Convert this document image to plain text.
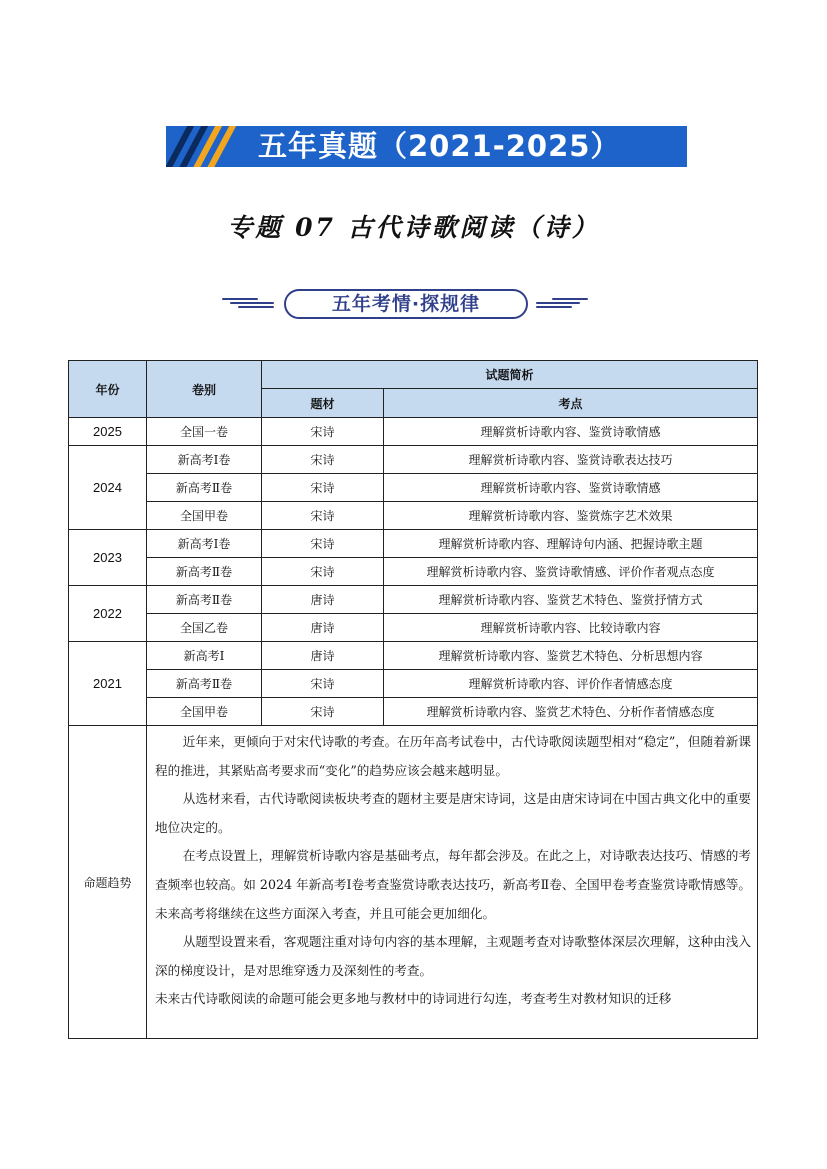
五年真题（2021-2025）
专题 07 古代诗歌阅读（诗）
五年考情·探规律
年份	卷别	试题简析	
		题材	考点
2025	全国一卷	宋诗	理解赏析诗歌内容、鉴赏诗歌情感
2024	新高考Ⅰ卷	宋诗	理解赏析诗歌内容、鉴赏诗歌表达技巧
	新高考Ⅱ卷	宋诗	理解赏析诗歌内容、鉴赏诗歌情感
	全国甲卷	宋诗	理解赏析诗歌内容、鉴赏炼字艺术效果
2023	新高考Ⅰ卷	宋诗	理解赏析诗歌内容、理解诗句内涵、把握诗歌主题
	新高考Ⅱ卷	宋诗	理解赏析诗歌内容、鉴赏诗歌情感、评价作者观点态度
2022	新高考Ⅱ卷	唐诗	理解赏析诗歌内容、鉴赏艺术特色、鉴赏抒情方式
	全国乙卷	唐诗	理解赏析诗歌内容、比较诗歌内容
2021	新高考Ⅰ	唐诗	理解赏析诗歌内容、鉴赏艺术特色、分析思想内容
	新高考Ⅱ卷	宋诗	理解赏析诗歌内容、评价作者情感态度
	全国甲卷	宋诗	理解赏析诗歌内容、鉴赏艺术特色、分析作者情感态度
命题趋势	近年来，更倾向于对宋代诗歌的考查。在历年高考试卷中，古代诗歌阅读题型相对“稳定”，但随着新课程的推进，其紧贴高考要求而“变化”的趋势应该会越来越明显。

从选材来看，古代诗歌阅读板块考查的题材主要是唐宋诗词，这是由唐宋诗词在中国古典文化中的重要地位决定的。

在考点设置上，理解赏析诗歌内容是基础考点，每年都会涉及。在此之上，对诗歌表达技巧、情感的考查频率也较高。如 2024 年新高考Ⅰ卷考查鉴赏诗歌表达技巧，新高考Ⅱ卷、全国甲卷考查鉴赏诗歌情感等。未来高考将继续在这些方面深入考查，并且可能会更加细化。

从题型设置来看，客观题注重对诗句内容的基本理解，主观题考查对诗歌整体深层次理解，这种由浅入深的梯度设计，是对思维穿透力及深刻性的考查。

未来古代诗歌阅读的命题可能会更多地与教材中的诗词进行勾连，考查考生对教材知识的迁移		
